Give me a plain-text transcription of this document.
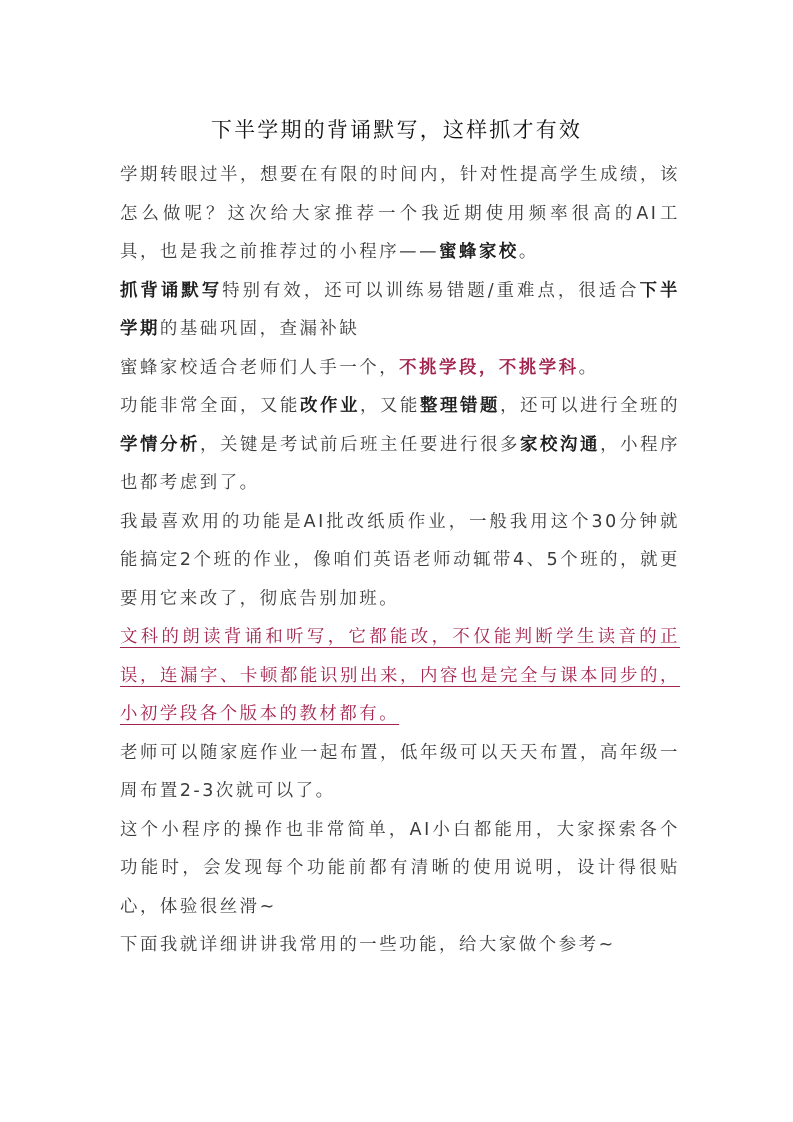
下半学期的背诵默写，这样抓才有效

学期转眼过半，想要在有限的时间内，针对性提高学生成绩，该怎么做呢？这次给大家推荐一个我近期使用频率很高的AI工具，也是我之前推荐过的小程序——蜜蜂家校。

抓背诵默写特别有效，还可以训练易错题/重难点，很适合下半学期的基础巩固，查漏补缺

蜜蜂家校适合老师们人手一个，不挑学段，不挑学科。

功能非常全面，又能改作业，又能整理错题，还可以进行全班的学情分析，关键是考试前后班主任要进行很多家校沟通，小程序也都考虑到了。

我最喜欢用的功能是AI批改纸质作业，一般我用这个30分钟就能搞定2个班的作业，像咱们英语老师动辄带4、5个班的，就更要用它来改了，彻底告别加班。

文科的朗读背诵和听写，它都能改，不仅能判断学生读音的正误，连漏字、卡顿都能识别出来，内容也是完全与课本同步的，小初学段各个版本的教材都有。

老师可以随家庭作业一起布置，低年级可以天天布置，高年级一周布置2-3次就可以了。

这个小程序的操作也非常简单，AI小白都能用，大家探索各个功能时，会发现每个功能前都有清晰的使用说明，设计得很贴心，体验很丝滑~

下面我就详细讲讲我常用的一些功能，给大家做个参考~
